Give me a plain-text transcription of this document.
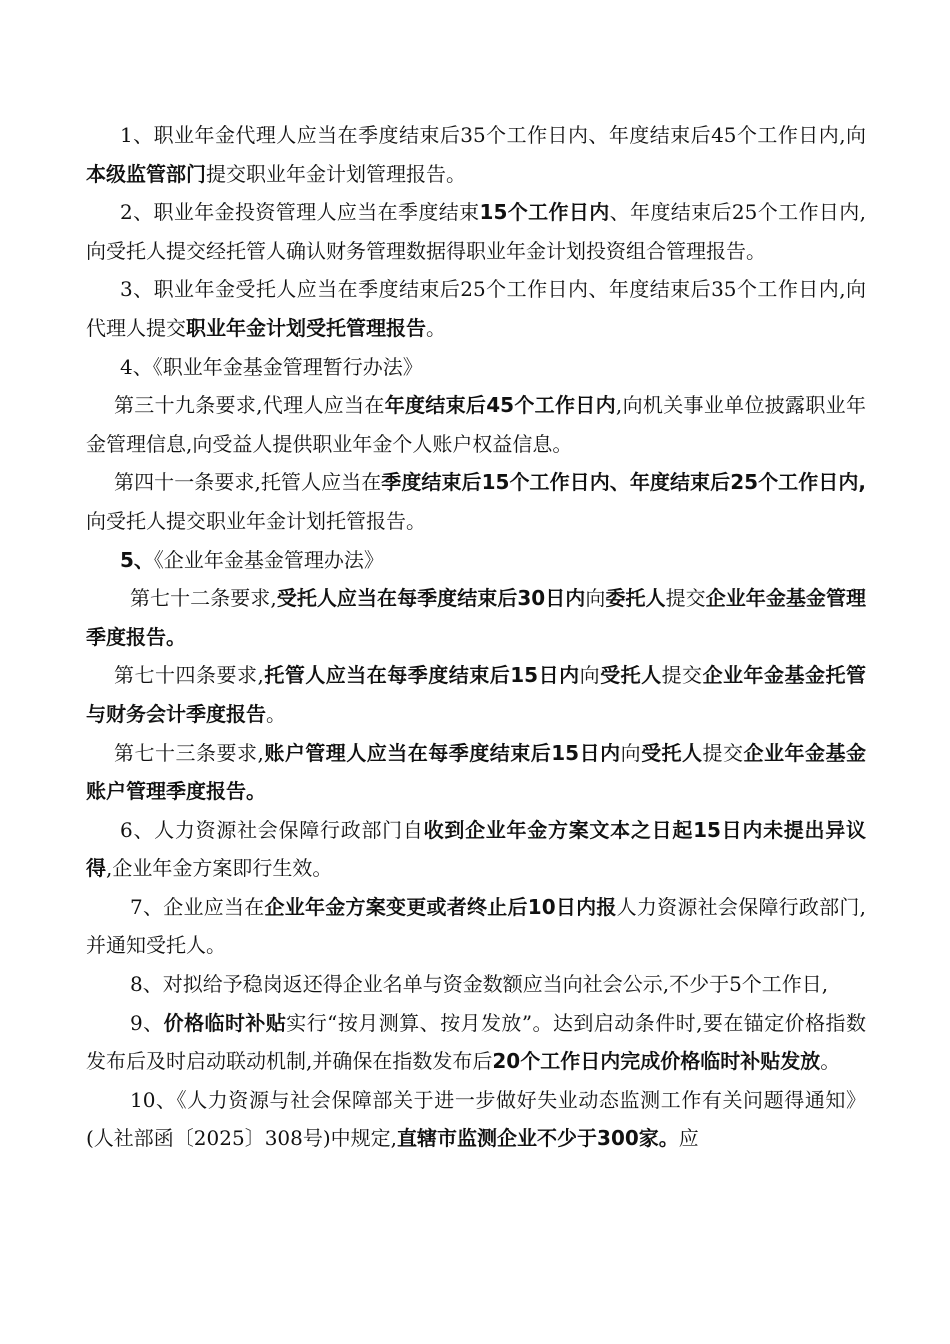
1、职业年金代理人应当在季度结束后35个工作日内、年度结束后45个工作日内,向本级监管部门提交职业年金计划管理报告。

2、职业年金投资管理人应当在季度结束15个工作日内、年度结束后25个工作日内,向受托人提交经托管人确认财务管理数据得职业年金计划投资组合管理报告。

3、职业年金受托人应当在季度结束后25个工作日内、年度结束后35个工作日内,向代理人提交职业年金计划受托管理报告。

4、《职业年金基金管理暂行办法》

第三十九条要求,代理人应当在年度结束后45个工作日内,向机关事业单位披露职业年金管理信息,向受益人提供职业年金个人账户权益信息。

第四十一条要求,托管人应当在季度结束后15个工作日内、年度结束后25个工作日内,向受托人提交职业年金计划托管报告。

5、《企业年金基金管理办法》

第七十二条要求,受托人应当在每季度结束后30日内向委托人提交企业年金基金管理季度报告。

第七十四条要求,托管人应当在每季度结束后15日内向受托人提交企业年金基金托管与财务会计季度报告。

第七十三条要求,账户管理人应当在每季度结束后15日内向受托人提交企业年金基金账户管理季度报告。

6、人力资源社会保障行政部门自收到企业年金方案文本之日起15日内未提出异议得,企业年金方案即行生效。

7、企业应当在企业年金方案变更或者终止后10日内报人力资源社会保障行政部门,并通知受托人。

8、对拟给予稳岗返还得企业名单与资金数额应当向社会公示,不少于5个工作日,

9、价格临时补贴实行“按月测算、按月发放”。达到启动条件时,要在锚定价格指数发布后及时启动联动机制,并确保在指数发布后20个工作日内完成价格临时补贴发放。

10、《人力资源与社会保障部关于进一步做好失业动态监测工作有关问题得通知》(人社部函〔2025〕308号)中规定,直辖市监测企业不少于300家。应
